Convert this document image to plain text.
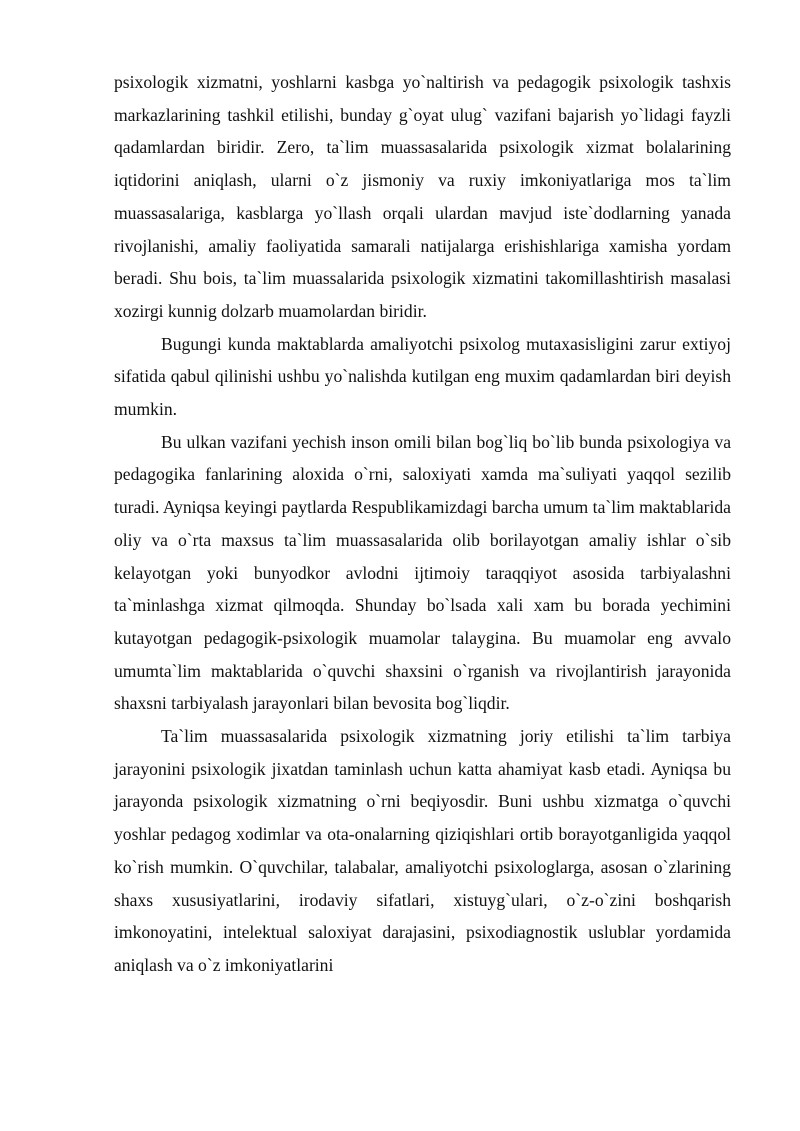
psixologik xizmatni, yoshlarni kasbga yo`naltirish va pedagogik psixologik tashxis markazlarining tashkil etilishi, bunday g`oyat ulug` vazifani bajarish yo`lidagi fayzli qadamlardan biridir. Zero, ta`lim muassasalarida psixologik xizmat bolalarining iqtidorini aniqlash, ularni o`z jismoniy va ruxiy imkoniyatlariga mos ta`lim muassasalariga, kasblarga yo`llash orqali ulardan mavjud iste`dodlarning yanada rivojlanishi, amaliy faoliyatida samarali natijalarga erishishlariga xamisha yordam beradi. Shu bois, ta`lim muassalarida psixologik xizmatini takomillashtirish masalasi xozirgi kunnig dolzarb muamolardan biridir.

Bugungi kunda maktablarda amaliyotchi psixolog mutaxasisligini zarur extiyoj sifatida qabul qilinishi ushbu yo`nalishda kutilgan eng muxim qadamlardan biri deyish mumkin.

Bu ulkan vazifani yechish inson omili bilan bog`liq bo`lib bunda psixologiya va pedagogika fanlarining aloxida o`rni, saloxiyati xamda ma`suliyati yaqqol sezilib turadi. Ayniqsa keyingi paytlarda Respublikamizdagi barcha umum ta`lim maktablarida oliy va o`rta maxsus ta`lim muassasalarida olib borilayotgan amaliy ishlar o`sib kelayotgan yoki bunyodkor avlodni ijtimoiy taraqqiyot asosida tarbiyalashni ta`minlashga xizmat qilmoqda. Shunday bo`lsada xali xam bu borada yechimini kutayotgan pedagogik-psixologik muamolar talaygina. Bu muamolar eng avvalo umumta`lim maktablarida o`quvchi shaxsini o`rganish va rivojlantirish jarayonida shaxsni tarbiyalash jarayonlari bilan bevosita bog`liqdir.

Ta`lim muassasalarida psixologik xizmatning joriy etilishi ta`lim tarbiya jarayonini psixologik jixatdan taminlash uchun katta ahamiyat kasb etadi. Ayniqsa bu jarayonda psixologik xizmatning o`rni beqiyosdir. Buni ushbu xizmatga o`quvchi yoshlar pedagog xodimlar va ota-onalarning qiziqishlari ortib borayotganligida yaqqol ko`rish mumkin. O`quvchilar, talabalar, amaliyotchi psixologlarga, asosan o`zlarining shaxs xususiyatlarini, irodaviy sifatlari, xistuyg`ulari, o`z-o`zini boshqarish imkonoyatini, intelektual saloxiyat darajasini, psixodiagnostik uslublar yordamida aniqlash va o`z imkoniyatlarini
